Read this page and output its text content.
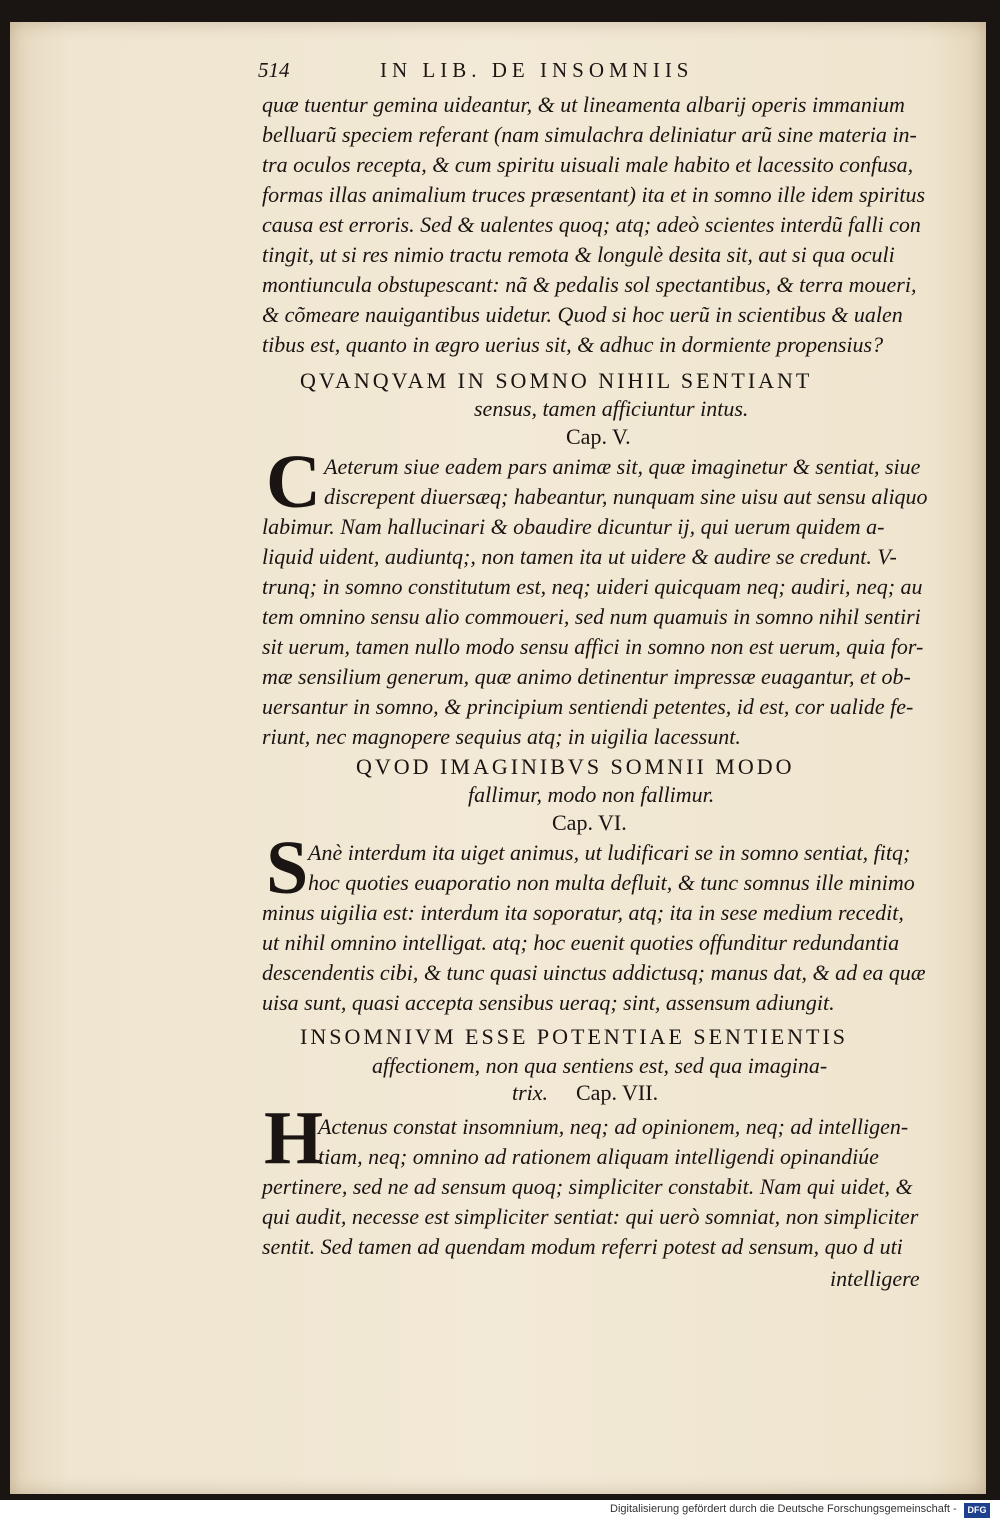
514	IN LIB. DE INSOMNIIS
quæ tuentur gemina uideantur, & ut lineamenta albarij operis immanium
belluarũ speciem referant (nam simulachra deliniatur arũ sine materia in-
tra oculos recepta, & cum spiritu uisuali male habito et lacessito confusa,
formas illas animalium truces præsentant) ita et in somno ille idem spiritus
causa est erroris. Sed & ualentes quoq; atq; adeò scientes interdũ falli con
tingit, ut si res nimio tractu remota & longulè desita sit, aut si qua oculi
montiuncula obstupescant: nã & pedalis sol spectantibus, & terra moueri,
& cõmeare nauigantibus uidetur. Quod si hoc uerũ in scientibus & ualen
tibus est, quanto in ægro uerius sit, & adhuc in dormiente propensius?
QVANQVAM IN SOMNO NIHIL SENTIANT
sensus, tamen afficiuntur intus.
Cap. V.
C Aeterum siue eadem pars animæ sit, quæ imaginetur & sentiat, siue
discrepent diuersæq; habeantur, nunquam sine uisu aut sensu aliquo
labimur. Nam hallucinari & obaudire dicuntur ij, qui uerum quidem a-
liquid uident, audiuntq;, non tamen ita ut uidere & audire se credunt. V-
trunq; in somno constitutum est, neq; uideri quicquam neq; audiri, neq; au
tem omnino sensu alio commoueri, sed num quamuis in somno nihil sentiri
sit uerum, tamen nullo modo sensu affici in somno non est uerum, quia for-
mæ sensilium generum, quæ animo detinentur impressæ euagantur, et ob-
uersantur in somno, & principium sentiendi petentes, id est, cor ualide fe-
riunt, nec magnopere sequius atq; in uigilia lacessunt.
QVOD IMAGINIBVS SOMNII MODO
fallimur, modo non fallimur.
Cap. VI.
S Anè interdum ita uiget animus, ut ludificari se in somno sentiat, fitq;
hoc quoties euaporatio non multa defluit, & tunc somnus ille minimo
minus uigilia est: interdum ita soporatur, atq; ita in sese medium recedit,
ut nihil omnino intelligat. atq; hoc euenit quoties offunditur redundantia
descendentis cibi, & tunc quasi uinctus addictusq; manus dat, & ad ea quæ
uisa sunt, quasi accepta sensibus ueraq; sint, assensum adiungit.
INSOMNIVM ESSE POTENTIAE SENTIENTIS
affectionem, non qua sentiens est, sed qua imagina-
trix. Cap. VII.
H
Actenus constat insomnium, neq; ad opinionem, neq; ad intelligen-
tiam, neq; omnino ad rationem aliquam intelligendi opinandiúe
pertinere, sed ne ad sensum quoq; simpliciter constabit. Nam qui uidet, &
qui audit, necesse est simpliciter sentiat: qui uerò somniat, non simpliciter
sentit. Sed tamen ad quendam modum referri potest ad sensum, quo d uti
intelligere
Digitalisierung gefördert durch die Deutsche Forschungsgemeinschaft -	DFG
